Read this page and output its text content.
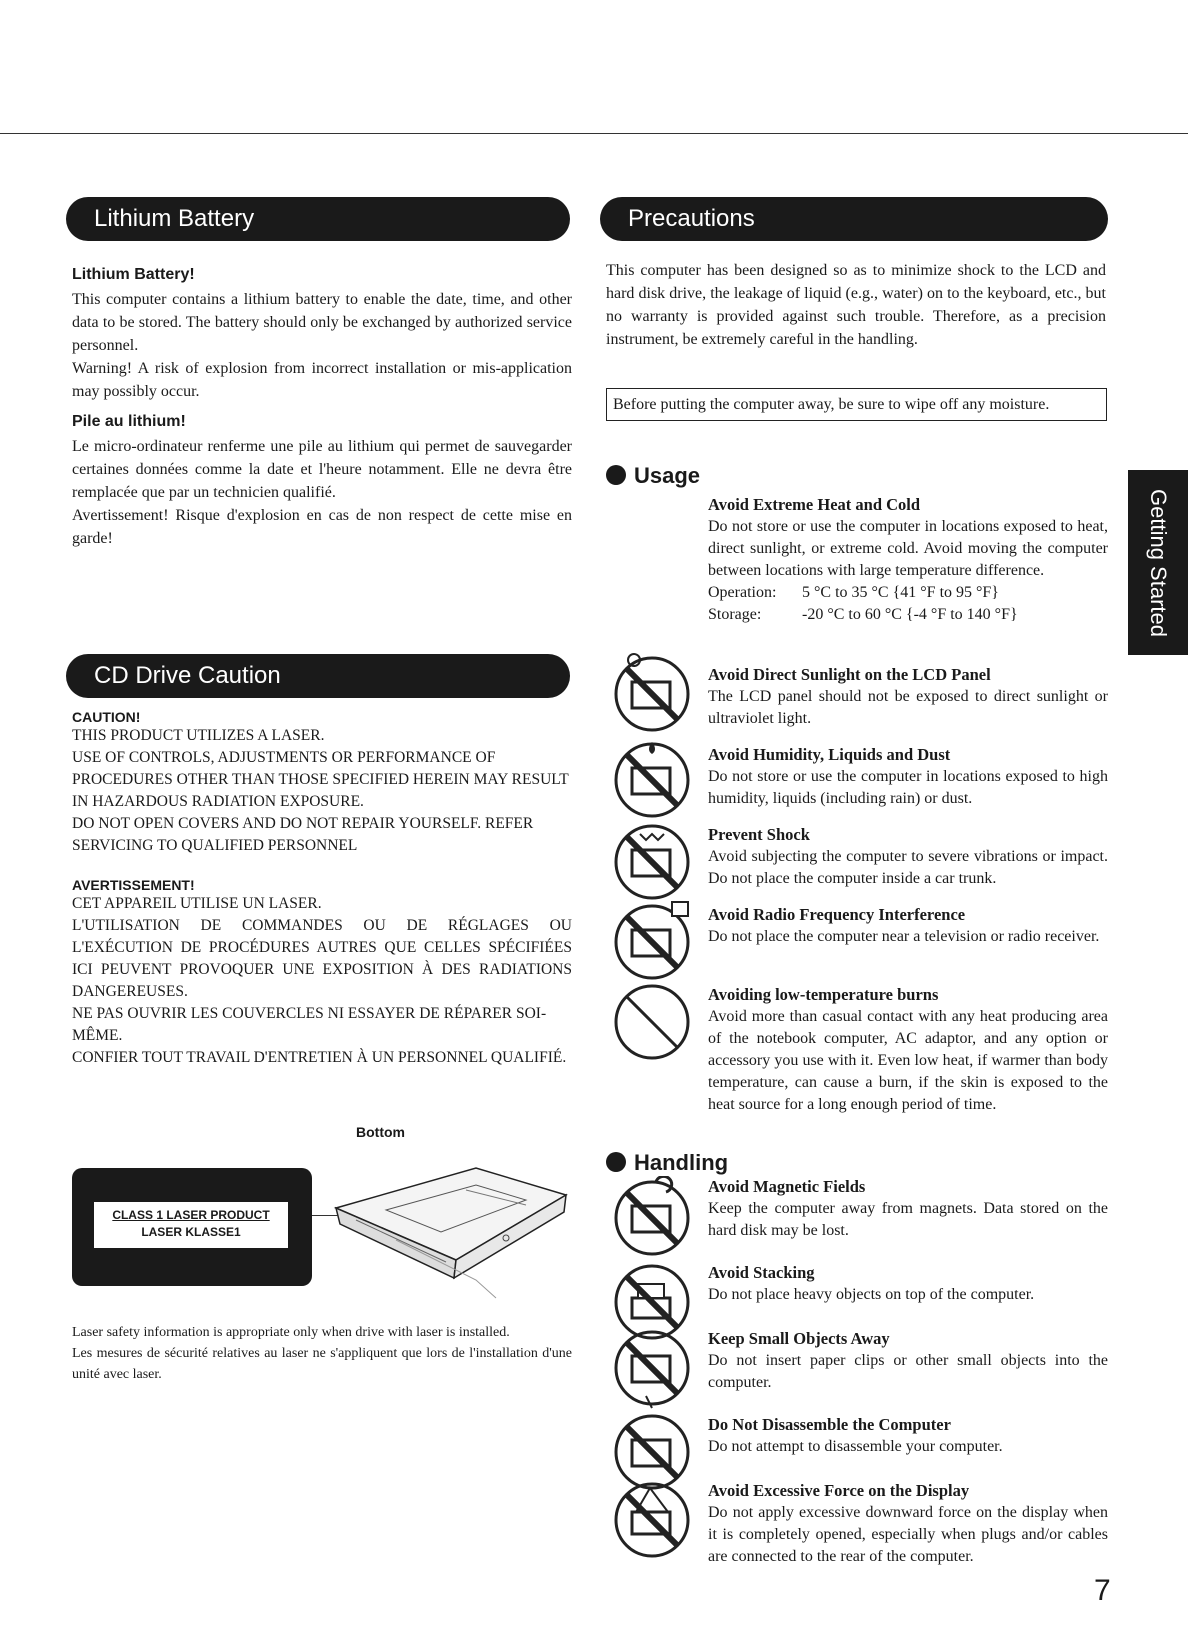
Lithium Battery
Lithium Battery!
This computer contains a lithium battery to enable the date, time, and other data to be stored. The battery should only be exchanged by authorized service personnel.
Warning! A risk of explosion from incorrect installation or mis-application may possibly occur.
Pile au lithium!
Le micro-ordinateur renferme une pile au lithium qui permet de sauvegarder certaines données comme la date et l'heure notamment. Elle ne devra être remplacée que par un technicien qualifié.
Avertissement! Risque d'explosion en cas de non respect de cette mise en garde!
CD Drive Caution
CAUTION!
THIS PRODUCT UTILIZES A LASER.
USE OF CONTROLS, ADJUSTMENTS OR PERFORMANCE OF PROCEDURES OTHER THAN THOSE SPECIFIED HEREIN MAY RESULT IN HAZARDOUS RADIATION EXPOSURE.
DO NOT OPEN COVERS AND DO NOT REPAIR YOURSELF. REFER SERVICING TO QUALIFIED PERSONNEL
AVERTISSEMENT!
CET APPAREIL UTILISE UN LASER.
L'UTILISATION DE COMMANDES OU DE RÉGLAGES OU L'EXÉCUTION DE PROCÉDURES AUTRES QUE CELLES SPÉCIFIÉES ICI PEUVENT PROVOQUER UNE EXPOSITION À DES RADIATIONS DANGEREUSES.
NE PAS OUVRIR LES COUVERCLES NI ESSAYER DE RÉPARER SOI-MÊME.
CONFIER TOUT TRAVAIL D'ENTRETIEN À UN PERSONNEL QUALIFIÉ.
Bottom
CLASS 1 LASER PRODUCT
LASER KLASSE1
Laser safety information is appropriate only when drive with laser is installed.
Les mesures de sécurité relatives au laser ne s'appliquent que lors de l'installation d'une unité avec laser.
Precautions
This computer has been designed so as to minimize shock to the LCD and hard disk drive, the leakage of liquid (e.g., water) on to the keyboard, etc., but no warranty is provided against such trouble. Therefore, as a precision instrument, be extremely careful in the handling.
Before putting the computer away, be sure to wipe off any moisture.
Usage
Avoid Extreme Heat and Cold
Do not store or use the computer in locations exposed to heat, direct sunlight, or extreme cold. Avoid moving the computer between locations with large temperature difference.
Operation:	5 °C to 35 °C {41 °F to 95 °F}
Storage:	-20 °C to 60 °C {-4 °F to 140 °F}
Avoid Direct Sunlight on the LCD Panel
The LCD panel should not be exposed to direct sunlight or ultraviolet light.
Avoid Humidity, Liquids and Dust
Do not store or use the computer in locations exposed to high humidity, liquids (including rain) or dust.
Prevent Shock
Avoid subjecting the computer to severe vibrations or impact. Do not place the computer inside a car trunk.
Avoid Radio Frequency Interference
Do not place the computer near a television or radio receiver.
Avoiding low-temperature burns
Avoid more than casual contact with any heat producing area of the notebook computer, AC adaptor, and any option or accessory you use with it. Even low heat, if warmer than body temperature, can cause a burn, if the skin is exposed to the heat source for a long enough period of time.
Handling
Avoid Magnetic Fields
Keep the computer away from magnets. Data stored on the hard disk may be lost.
Avoid Stacking
Do not place heavy objects on top of the computer.
Keep Small Objects Away
Do not insert paper clips or other small objects into the computer.
Do Not Disassemble the Computer
Do not attempt to disassemble your computer.
Avoid Excessive Force on the Display
Do not apply excessive downward force on the display when it is completely opened, especially when plugs and/or cables are connected to the rear of the computer.
Getting Started
7
